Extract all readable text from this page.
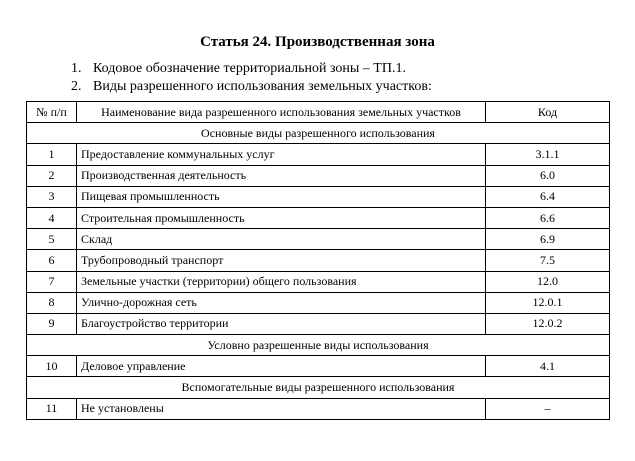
Статья 24. Производственная зона
1. Кодовое обозначение территориальной зоны – ТП.1.
2. Виды разрешенного использования земельных участков:
№ п/п	Наименование вида разрешенного использования земельных участков	Код
Основные виды разрешенного использования		
1	Предоставление коммунальных услуг	3.1.1
2	Производственная деятельность	6.0
3	Пищевая промышленность	6.4
4	Строительная промышленность	6.6
5	Склад	6.9
6	Трубопроводный транспорт	7.5
7	Земельные участки (территории) общего пользования	12.0
8	Улично-дорожная сеть	12.0.1
9	Благоустройство территории	12.0.2
Условно разрешенные виды использования		
10	Деловое управление	4.1
Вспомогательные виды разрешенного использования		
11	Не установлены	–
